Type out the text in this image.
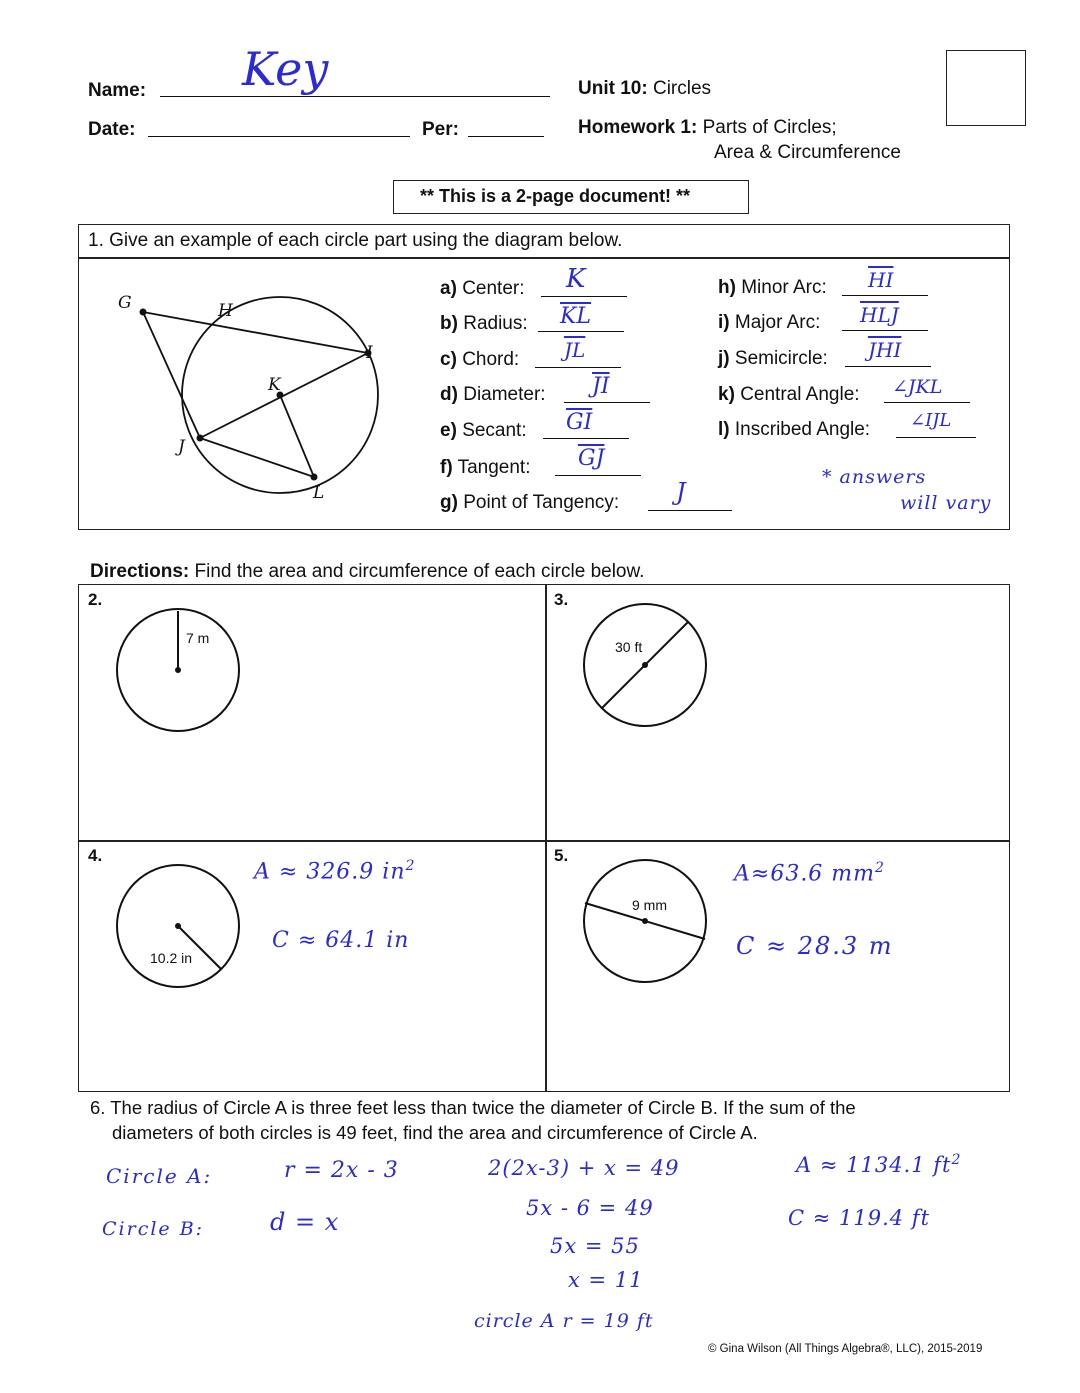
Name: Key
Date:	Per:
Unit 10: Circles
Homework 1: Parts of Circles;
Area & Circumference
** This is a 2-page document! **
1. Give an example of each circle part using the diagram below.
G	H
I
K
J
L
a) Center: K
b) Radius: $\overline{KL}$
c) Chord: $\overline{JL}$
d) Diameter: $\overline{JI}$
e) Secant: $\overline{GI}$
f) Tangent: $\overline{GJ}$
g) Point of Tangency: J
h) Minor Arc: $\overline{HI}$
i) Major Arc: $\overline{HLJ}$
j) Semicircle: $\overline{JHI}$
k) Central Angle: ∠JKL
l) Inscribed Angle: ∠IJL
* answers
will vary
Directions: Find the area and circumference of each circle below.
2.	3.
4.	5.
7 m
30 ft
10.2 in
A ≈ 326.9 $in^2$
C ≈ 64.1 in
9 mm
A≈63.6 $mm^2$
C ≈ 28.3 m
6. The radius of Circle A is three feet less than twice the diameter of Circle B. If the sum of the
diameters of both circles is 49 feet, find the area and circumference of Circle A.
Circle A:	r = 2x - 3
Circle B:	d = x
2(2x-3) + x = 49
5x - 6 = 49
5x = 55
x = 11
circle A r = 19 ft
A ≈ 1134.1 $ft^2$
C ≈ 119.4 ft
© Gina Wilson (All Things Algebra®, LLC), 2015-2019
